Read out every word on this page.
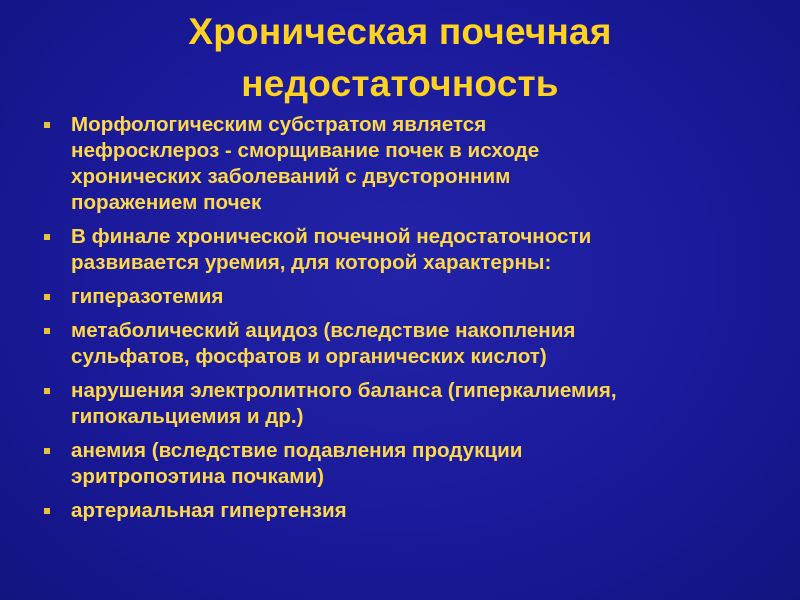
Хроническая почечная
недостаточность
Морфологическим субстратом является
нефросклероз - сморщивание почек в исходе
хронических заболеваний с двусторонним
поражением почек
В финале хронической почечной недостаточности
развивается уремия, для которой характерны:
гиперазотемия
метаболический ацидоз (вследствие накопления
сульфатов, фосфатов и органических кислот)
нарушения электролитного баланса (гиперкалиемия,
гипокальциемия и др.)
анемия (вследствие подавления продукции
эритропоэтина почками)
артериальная гипертензия
